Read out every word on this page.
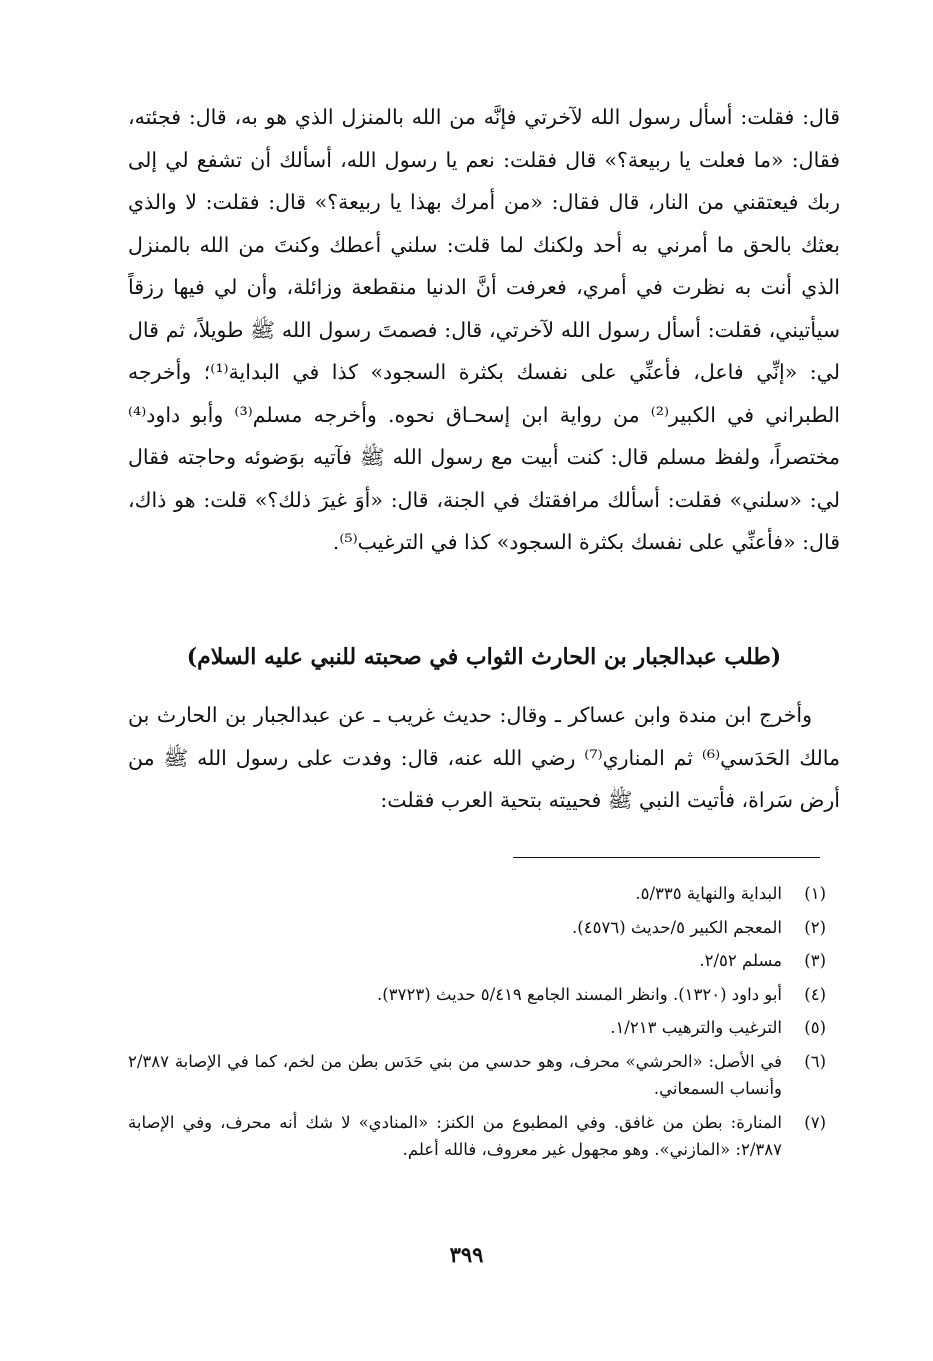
قال: فقلت: أسأل رسول الله لآخرتي فإنَّه من الله بالمنزل الذي هو به، قال: فجئته، فقال: «ما فعلت يا ربيعة؟» قال فقلت: نعم يا رسول الله، أسألك أن تشفع لي إلى ربك فيعتقني من النار، قال فقال: «من أمرك بهذا يا ربيعة؟» قال: فقلت: لا والذي بعثك بالحق ما أمرني به أحد ولكنك لما قلت: سلني أعطك وكنتَ من الله بالمنزل الذي أنت به نظرت في أمري، فعرفت أنَّ الدنيا منقطعة وزائلة، وأن لي فيها رزقاً سيأتيني، فقلت: أسأل رسول الله لآخرتي، قال: فصمتَ رسول الله ﷺ طويلاً، ثم قال لي: «إنِّي فاعل، فأعنِّي على نفسك بكثرة السجود» كذا في البداية⁽¹⁾؛ وأخرجه الطبراني في الكبير⁽²⁾ من رواية ابن إسحـاق نحوه. وأخرجه مسلم⁽³⁾ وأبو داود⁽⁴⁾ مختصراً، ولفظ مسلم قال: كنت أبيت مع رسول الله ﷺ فآتيه بوَضوئه وحاجته فقال لي: «سلني» فقلت: أسألك مرافقتك في الجنة، قال: «أوَ غيرَ ذلك؟» قلت: هو ذاك، قال: «فأعنِّي على نفسك بكثرة السجود» كذا في الترغيب⁽⁵⁾.

(طلب عبدالجبار بن الحارث الثواب في صحبته للنبي عليه السلام)

وأخرج ابن مندة وابن عساكر ـ وقال: حديث غريب ـ عن عبدالجبار بن الحارث بن مالك الحَدَسي⁽⁶⁾ ثم المناري⁽⁷⁾ رضي الله عنه، قال: وفدت على رسول الله ﷺ من أرض سَراة، فأتيت النبي ﷺ فحييته بتحية العرب فقلت:

(١)
البداية والنهاية ٥/٣٣٥.
(٢)
المعجم الكبير ٥/حديث (٤٥٧٦).
(٣)
مسلم ٢/٥٢.
(٤)
أبو داود (١٣٢٠). وانظر المسند الجامع ٥/٤١٩ حديث (٣٧٢٣).
(٥)
الترغيب والترهيب ١/٢١٣.
(٦)
في الأصل: «الحرشي» محرف، وهو حدسي من بني حَدَس بطن من لخم، كما في الإصابة ٢/٣٨٧ وأنساب السمعاني.
(٧)
المنارة: بطن من غافق. وفي المطبوع من الكنز: «المنادي» لا شك أنه محرف، وفي الإصابة ٢/٣٨٧: «المازني». وهو مجهول غير معروف، فالله أعلم.
٣٩٩
